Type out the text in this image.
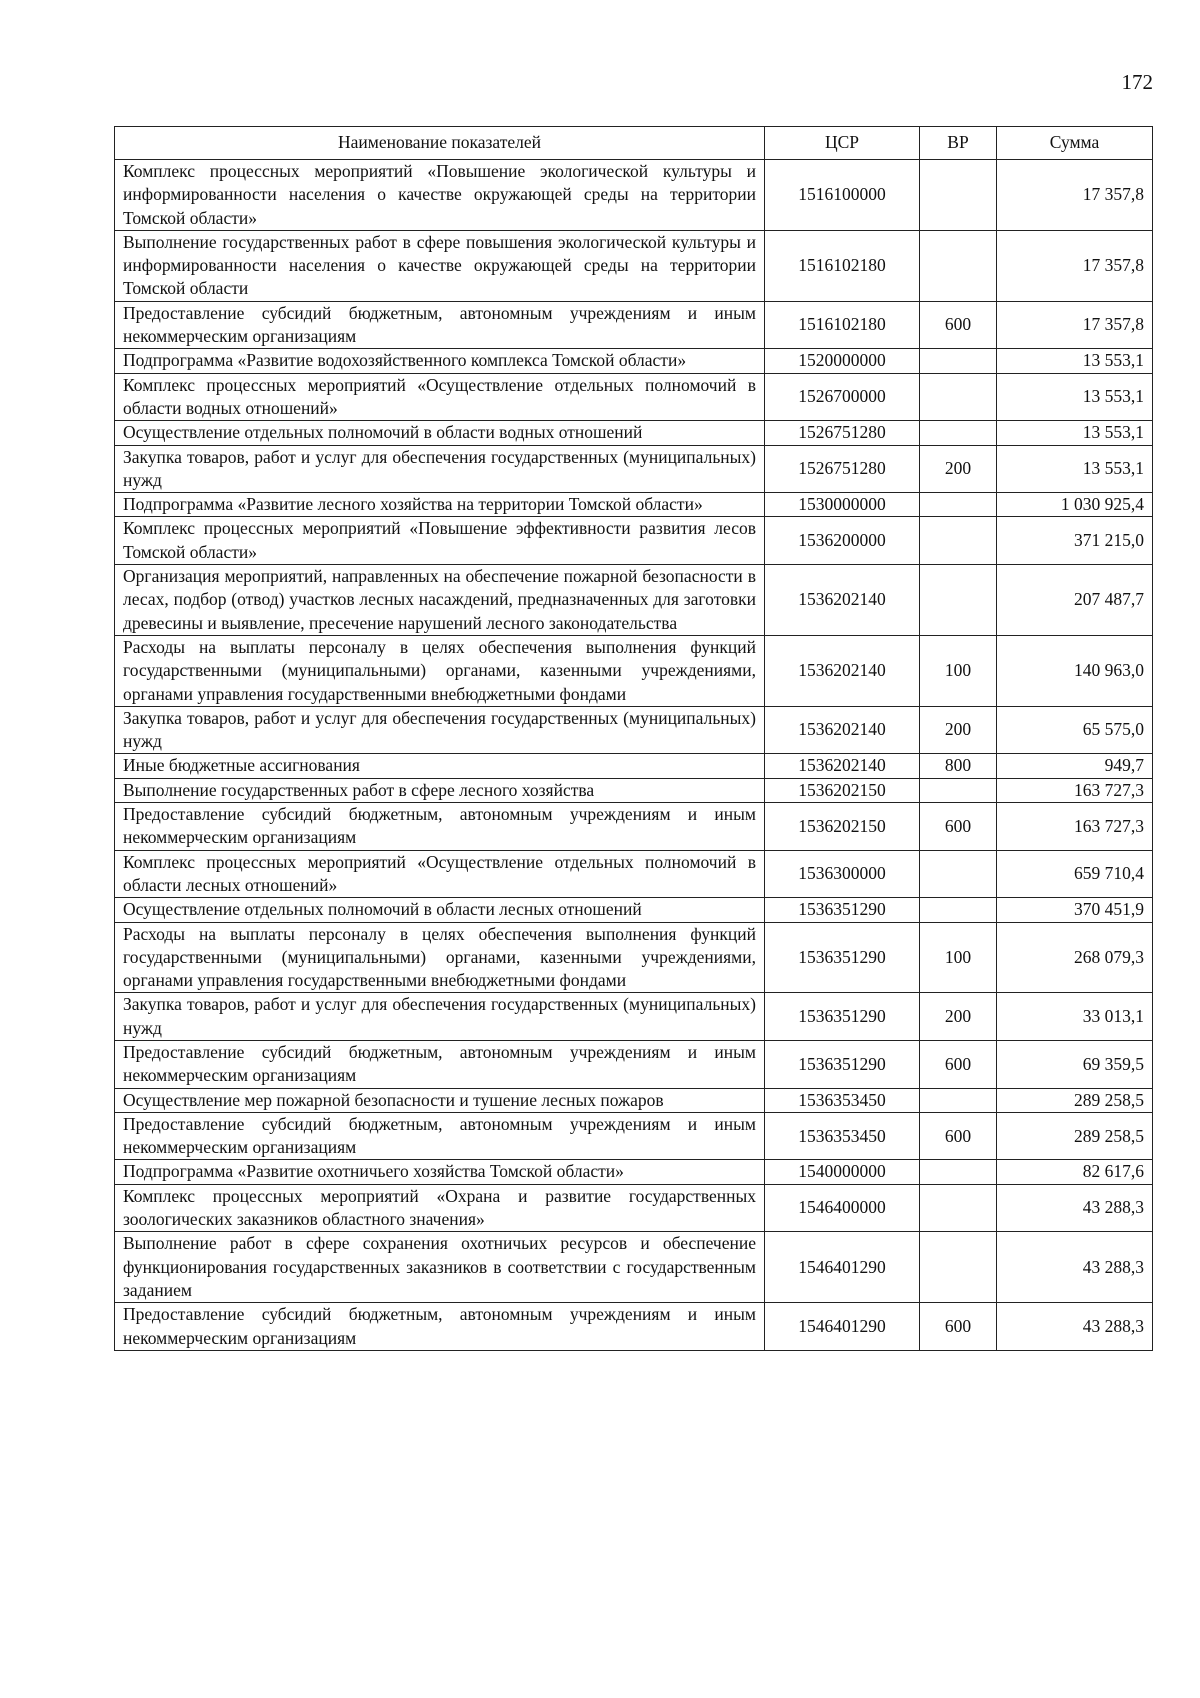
172
Наименование показателей	ЦСР	ВР	Сумма
Комплекс процессных мероприятий «Повышение экологической культуры и информированности населения о качестве окружающей среды на территории Томской области»	1516100000		17 357,8
Выполнение государственных работ в сфере повышения экологической культуры и информированности населения о качестве окружающей среды на территории Томской области	1516102180		17 357,8
Предоставление субсидий бюджетным, автономным учреждениям и иным некоммерческим организациям	1516102180	600	17 357,8
Подпрограмма «Развитие водохозяйственного комплекса Томской области»	1520000000		13 553,1
Комплекс процессных мероприятий «Осуществление отдельных полномочий в области водных отношений»	1526700000		13 553,1
Осуществление отдельных полномочий в области водных отношений	1526751280		13 553,1
Закупка товаров, работ и услуг для обеспечения государственных (муниципальных) нужд	1526751280	200	13 553,1
Подпрограмма «Развитие лесного хозяйства на территории Томской области»	1530000000		1 030 925,4
Комплекс процессных мероприятий «Повышение эффективности развития лесов Томской области»	1536200000		371 215,0
Организация мероприятий, направленных на обеспечение пожарной безопасности в лесах, подбор (отвод) участков лесных насаждений, предназначенных для заготовки древесины и выявление, пресечение нарушений лесного законодательства	1536202140		207 487,7
Расходы на выплаты персоналу в целях обеспечения выполнения функций государственными (муниципальными) органами, казенными учреждениями, органами управления государственными внебюджетными фондами	1536202140	100	140 963,0
Закупка товаров, работ и услуг для обеспечения государственных (муниципальных) нужд	1536202140	200	65 575,0
Иные бюджетные ассигнования	1536202140	800	949,7
Выполнение государственных работ в сфере лесного хозяйства	1536202150		163 727,3
Предоставление субсидий бюджетным, автономным учреждениям и иным некоммерческим организациям	1536202150	600	163 727,3
Комплекс процессных мероприятий «Осуществление отдельных полномочий в области лесных отношений»	1536300000		659 710,4
Осуществление отдельных полномочий в области лесных отношений	1536351290		370 451,9
Расходы на выплаты персоналу в целях обеспечения выполнения функций государственными (муниципальными) органами, казенными учреждениями, органами управления государственными внебюджетными фондами	1536351290	100	268 079,3
Закупка товаров, работ и услуг для обеспечения государственных (муниципальных) нужд	1536351290	200	33 013,1
Предоставление субсидий бюджетным, автономным учреждениям и иным некоммерческим организациям	1536351290	600	69 359,5
Осуществление мер пожарной безопасности и тушение лесных пожаров	1536353450		289 258,5
Предоставление субсидий бюджетным, автономным учреждениям и иным некоммерческим организациям	1536353450	600	289 258,5
Подпрограмма «Развитие охотничьего хозяйства Томской области»	1540000000		82 617,6
Комплекс процессных мероприятий «Охрана и развитие государственных зоологических заказников областного значения»	1546400000		43 288,3
Выполнение работ в сфере сохранения охотничьих ресурсов и обеспечение функционирования государственных заказников в соответствии с государственным заданием	1546401290		43 288,3
Предоставление субсидий бюджетным, автономным учреждениям и иным некоммерческим организациям	1546401290	600	43 288,3
